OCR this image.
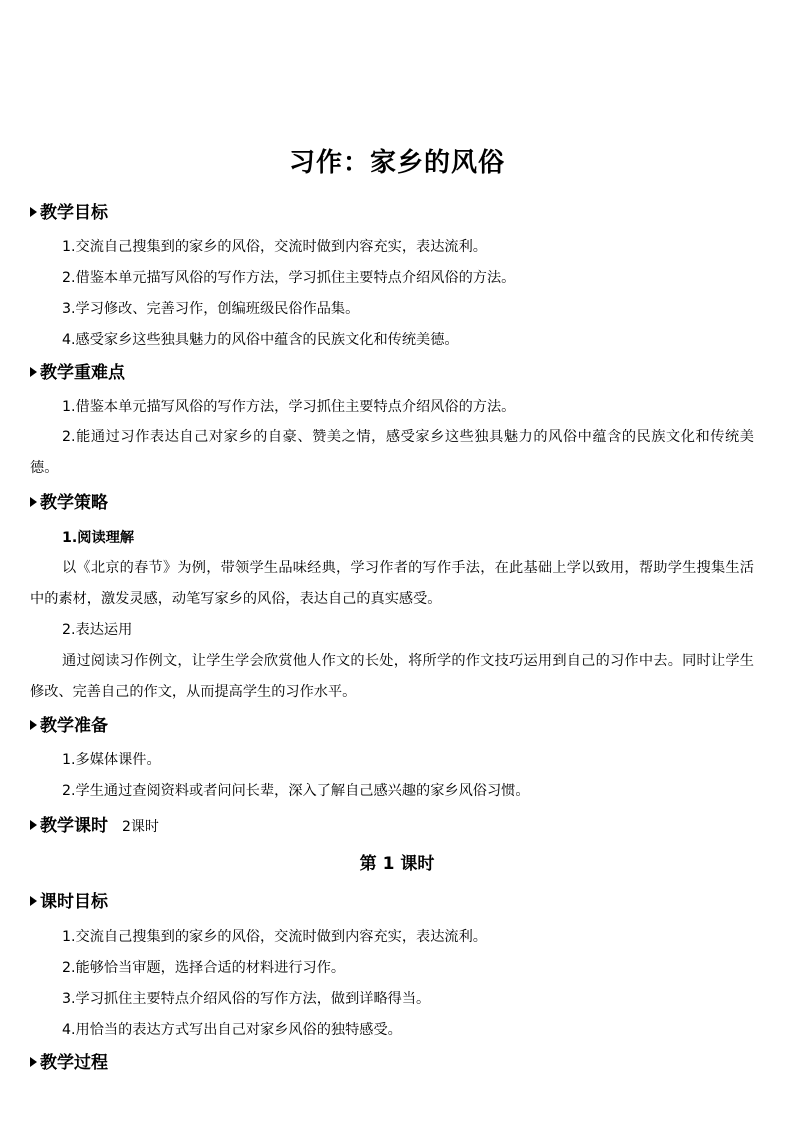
习作：家乡的风俗
教学目标
1.交流自己搜集到的家乡的风俗，交流时做到内容充实，表达流利。
2.借鉴本单元描写风俗的写作方法，学习抓住主要特点介绍风俗的方法。
3.学习修改、完善习作，创编班级民俗作品集。
4.感受家乡这些独具魅力的风俗中蕴含的民族文化和传统美德。
教学重难点
1.借鉴本单元描写风俗的写作方法，学习抓住主要特点介绍风俗的方法。
2.能通过习作表达自己对家乡的自豪、赞美之情，感受家乡这些独具魅力的风俗中蕴含的民族文化和传统美德。
教学策略
1.阅读理解
以《北京的春节》为例，带领学生品味经典，学习作者的写作手法，在此基础上学以致用，帮助学生搜集生活中的素材，激发灵感，动笔写家乡的风俗，表达自己的真实感受。
2.表达运用
通过阅读习作例文，让学生学会欣赏他人作文的长处，将所学的作文技巧运用到自己的习作中去。同时让学生修改、完善自己的作文，从而提高学生的习作水平。
教学准备
1.多媒体课件。
2.学生通过查阅资料或者问问长辈，深入了解自己感兴趣的家乡风俗习惯。
教学课时 2课时
第 1 课时
课时目标
1.交流自己搜集到的家乡的风俗，交流时做到内容充实，表达流利。
2.能够恰当审题，选择合适的材料进行习作。
3.学习抓住主要特点介绍风俗的写作方法，做到详略得当。
4.用恰当的表达方式写出自己对家乡风俗的独特感受。
教学过程
